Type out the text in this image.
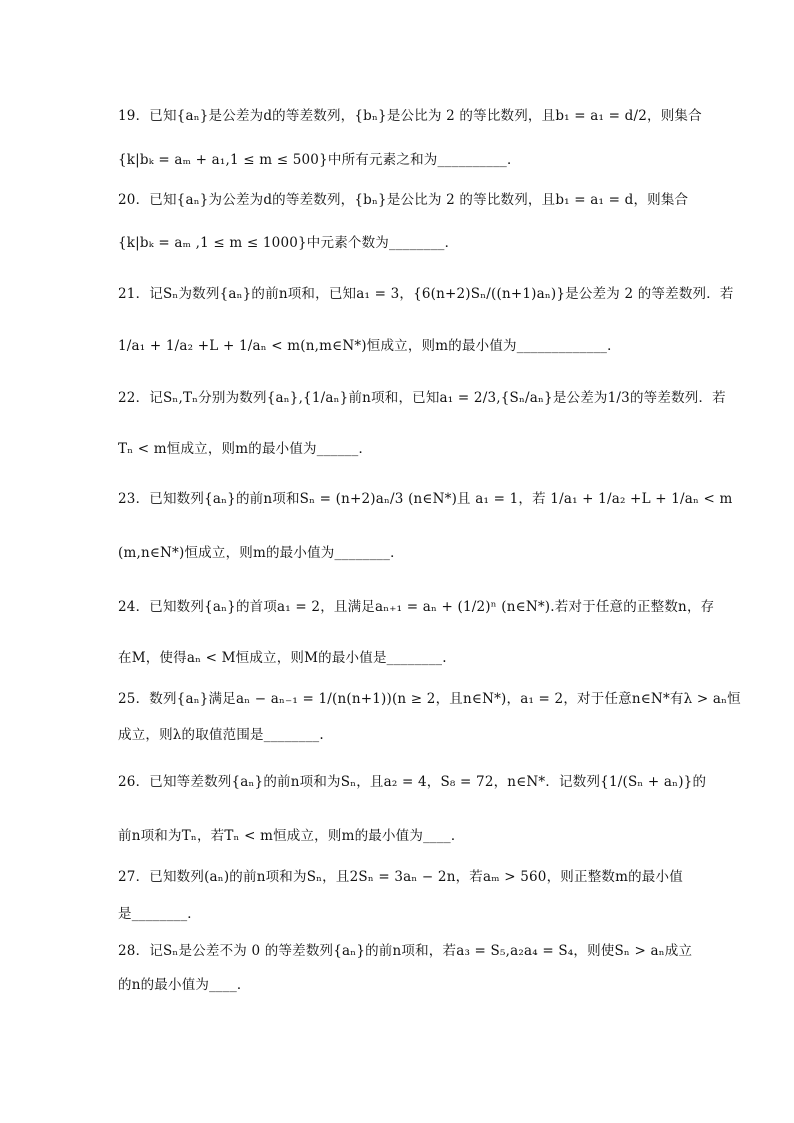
19．已知{aₙ}是公差为d的等差数列，{bₙ}是公比为 2 的等比数列，且b₁ = a₁ = d/2，则集合
{k|bₖ = aₘ + a₁,1 ≤ m ≤ 500}中所有元素之和为__________．
20．已知{aₙ}为公差为d的等差数列，{bₙ}是公比为 2 的等比数列，且b₁ = a₁ = d，则集合
{k|bₖ = aₘ ,1 ≤ m ≤ 1000}中元素个数为________．
21．记Sₙ为数列{aₙ}的前n项和，已知a₁ = 3，{6(n+2)Sₙ/((n+1)aₙ)}是公差为 2 的等差数列．若
1/a₁ + 1/a₂ +L + 1/aₙ < m(n,m∈N*)恒成立，则m的最小值为_____________．
22．记Sₙ,Tₙ分别为数列{aₙ},{1/aₙ}前n项和，已知a₁ = 2/3,{Sₙ/aₙ}是公差为1/3的等差数列．若
Tₙ < m恒成立，则m的最小值为______．
23．已知数列{aₙ}的前n项和Sₙ = (n+2)aₙ/3 (n∈N*)且 a₁ = 1，若 1/a₁ + 1/a₂ +L + 1/aₙ < m
(m,n∈N*)恒成立，则m的最小值为________．
24．已知数列{aₙ}的首项a₁ = 2，且满足aₙ₊₁ = aₙ + (1/2)ⁿ (n∈N*).若对于任意的正整数n，存
在M，使得aₙ < M恒成立，则M的最小值是________.
25．数列{aₙ}满足aₙ − aₙ₋₁ = 1/(n(n+1))(n ≥ 2，且n∈N*)，a₁ = 2，对于任意n∈N*有λ > aₙ恒
成立，则λ的取值范围是________.
26．已知等差数列{aₙ}的前n项和为Sₙ，且a₂ = 4，S₈ = 72，n∈N*．记数列{1/(Sₙ + aₙ)}的
前n项和为Tₙ，若Tₙ < m恒成立，则m的最小值为____．
27．已知数列(aₙ)的前n项和为Sₙ，且2Sₙ = 3aₙ − 2n，若aₘ > 560，则正整数m的最小值
是________．
28．记Sₙ是公差不为 0 的等差数列{aₙ}的前n项和，若a₃ = S₅,a₂a₄ = S₄，则使Sₙ > aₙ成立
的n的最小值为____．
